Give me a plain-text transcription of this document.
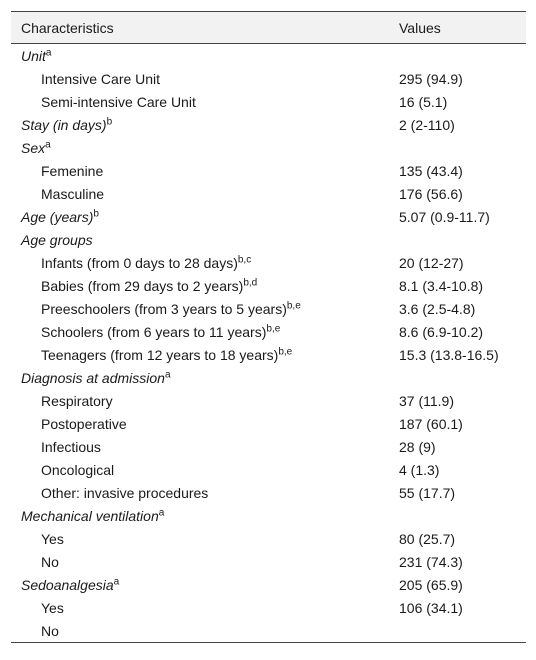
Characteristics	Values
Unit$^a$	
Intensive Care Unit	295 (94.9)
Semi-intensive Care Unit	16 (5.1)
Stay (in days)$^b$	2 (2-110)
Sex$^a$	
Femenine	135 (43.4)
Masculine	176 (56.6)
Age (years)$^b$	5.07 (0.9-11.7)
Age groups	
Infants (from 0 days to 28 days)$^{b,c}$	20 (12-27)
Babies (from 29 days to 2 years)$^{b,d}$	8.1 (3.4-10.8)
Preeschoolers (from 3 years to 5 years)$^{b,e}$	3.6 (2.5-4.8)
Schoolers (from 6 years to 11 years)$^{b,e}$	8.6 (6.9-10.2)
Teenagers (from 12 years to 18 years)$^{b,e}$	15.3 (13.8-16.5)
Diagnosis at admission$^a$	
Respiratory	37 (11.9)
Postoperative	187 (60.1)
Infectious	28 (9)
Oncological	4 (1.3)
Other: invasive procedures	55 (17.7)
Mechanical ventilation$^a$	
Yes	80 (25.7)
No	231 (74.3)
Sedoanalgesia$^a$	205 (65.9)
Yes	106 (34.1)
No	
